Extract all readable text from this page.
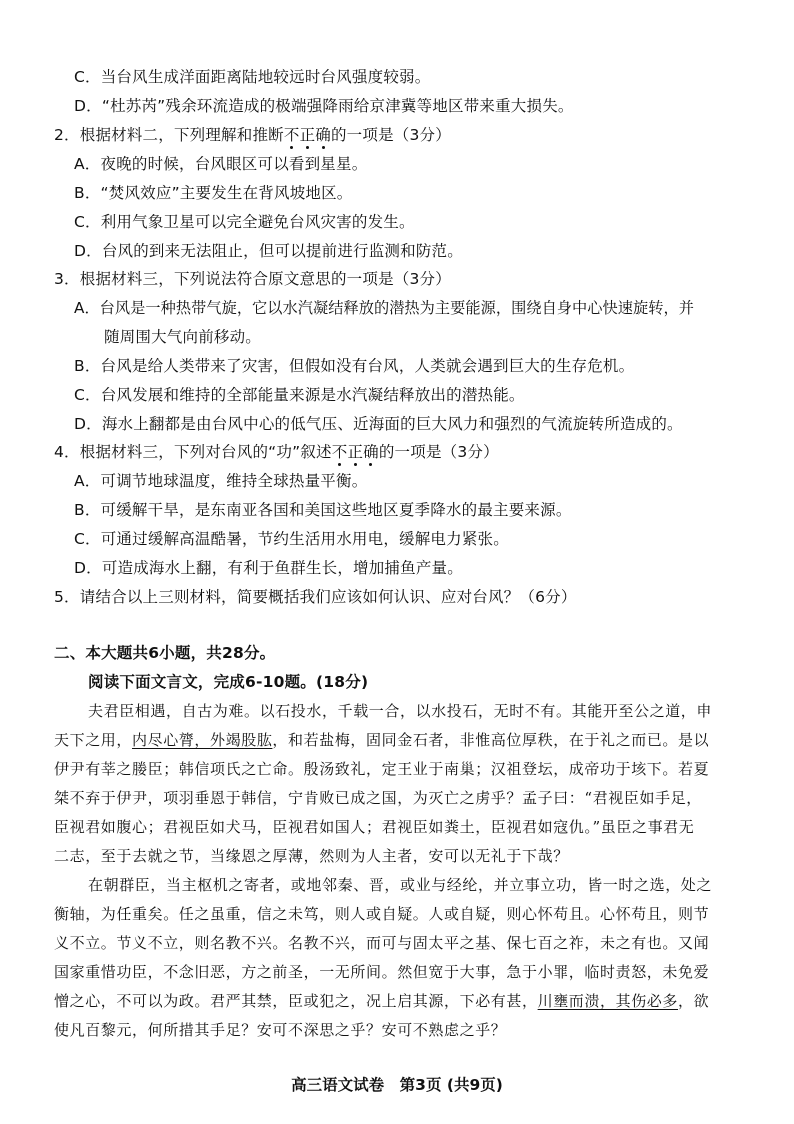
C．当台风生成洋面距离陆地较远时台风强度较弱。
D．“杜苏芮”残余环流造成的极端强降雨给京津冀等地区带来重大损失。
2．根据材料二，下列理解和推断不正确的一项是（3分）
A．夜晚的时候，台风眼区可以看到星星。
B．“焚风效应”主要发生在背风坡地区。
C．利用气象卫星可以完全避免台风灾害的发生。
D．台风的到来无法阻止，但可以提前进行监测和防范。
3．根据材料三，下列说法符合原文意思的一项是（3分）
A．台风是一种热带气旋，它以水汽凝结释放的潜热为主要能源，围绕自身中心快速旋转，并
随周围大气向前移动。
B．台风是给人类带来了灾害，但假如没有台风，人类就会遇到巨大的生存危机。
C．台风发展和维持的全部能量来源是水汽凝结释放出的潜热能。
D．海水上翻都是由台风中心的低气压、近海面的巨大风力和强烈的气流旋转所造成的。
4．根据材料三，下列对台风的“功”叙述不正确的一项是（3分）
A．可调节地球温度，维持全球热量平衡。
B．可缓解干旱，是东南亚各国和美国这些地区夏季降水的最主要来源。
C．可通过缓解高温酷暑，节约生活用水用电，缓解电力紧张。
D．可造成海水上翻，有利于鱼群生长，增加捕鱼产量。
5．请结合以上三则材料，简要概括我们应该如何认识、应对台风？（6分）
二、本大题共6小题，共28分。
阅读下面文言文，完成6-10题。(18分)
夫君臣相遇，自古为难。以石投水，千载一合，以水投石，无时不有。其能开至公之道，申
天下之用，内尽心膂，外竭股肱，和若盐梅，固同金石者，非惟高位厚秩，在于礼之而已。是以
伊尹有莘之媵臣；韩信项氏之亡命。殷汤致礼，定王业于南巢；汉祖登坛，成帝功于垓下。若夏
桀不弃于伊尹，项羽垂恩于韩信，宁肯败已成之国，为灭亡之虏乎？孟子曰：“君视臣如手足，
臣视君如腹心；君视臣如犬马，臣视君如国人；君视臣如粪土，臣视君如寇仇。”虽臣之事君无
二志，至于去就之节，当缘恩之厚薄，然则为人主者，安可以无礼于下哉？
在朝群臣，当主枢机之寄者，或地邻秦、晋，或业与经纶，并立事立功，皆一时之选，处之
衡轴，为任重矣。任之虽重，信之未笃，则人或自疑。人或自疑，则心怀苟且。心怀苟且，则节
义不立。节义不立，则名教不兴。名教不兴，而可与固太平之基、保七百之祚，未之有也。又闻
国家重惜功臣，不念旧恶，方之前圣，一无所间。然但宽于大事，急于小罪，临时责怒，未免爱
憎之心，不可以为政。君严其禁，臣或犯之，况上启其源，下必有甚，川壅而溃，其伤必多，欲
使凡百黎元，何所措其手足？安可不深思之乎？安可不熟虑之乎？
高三语文试卷　第3页 (共9页)
